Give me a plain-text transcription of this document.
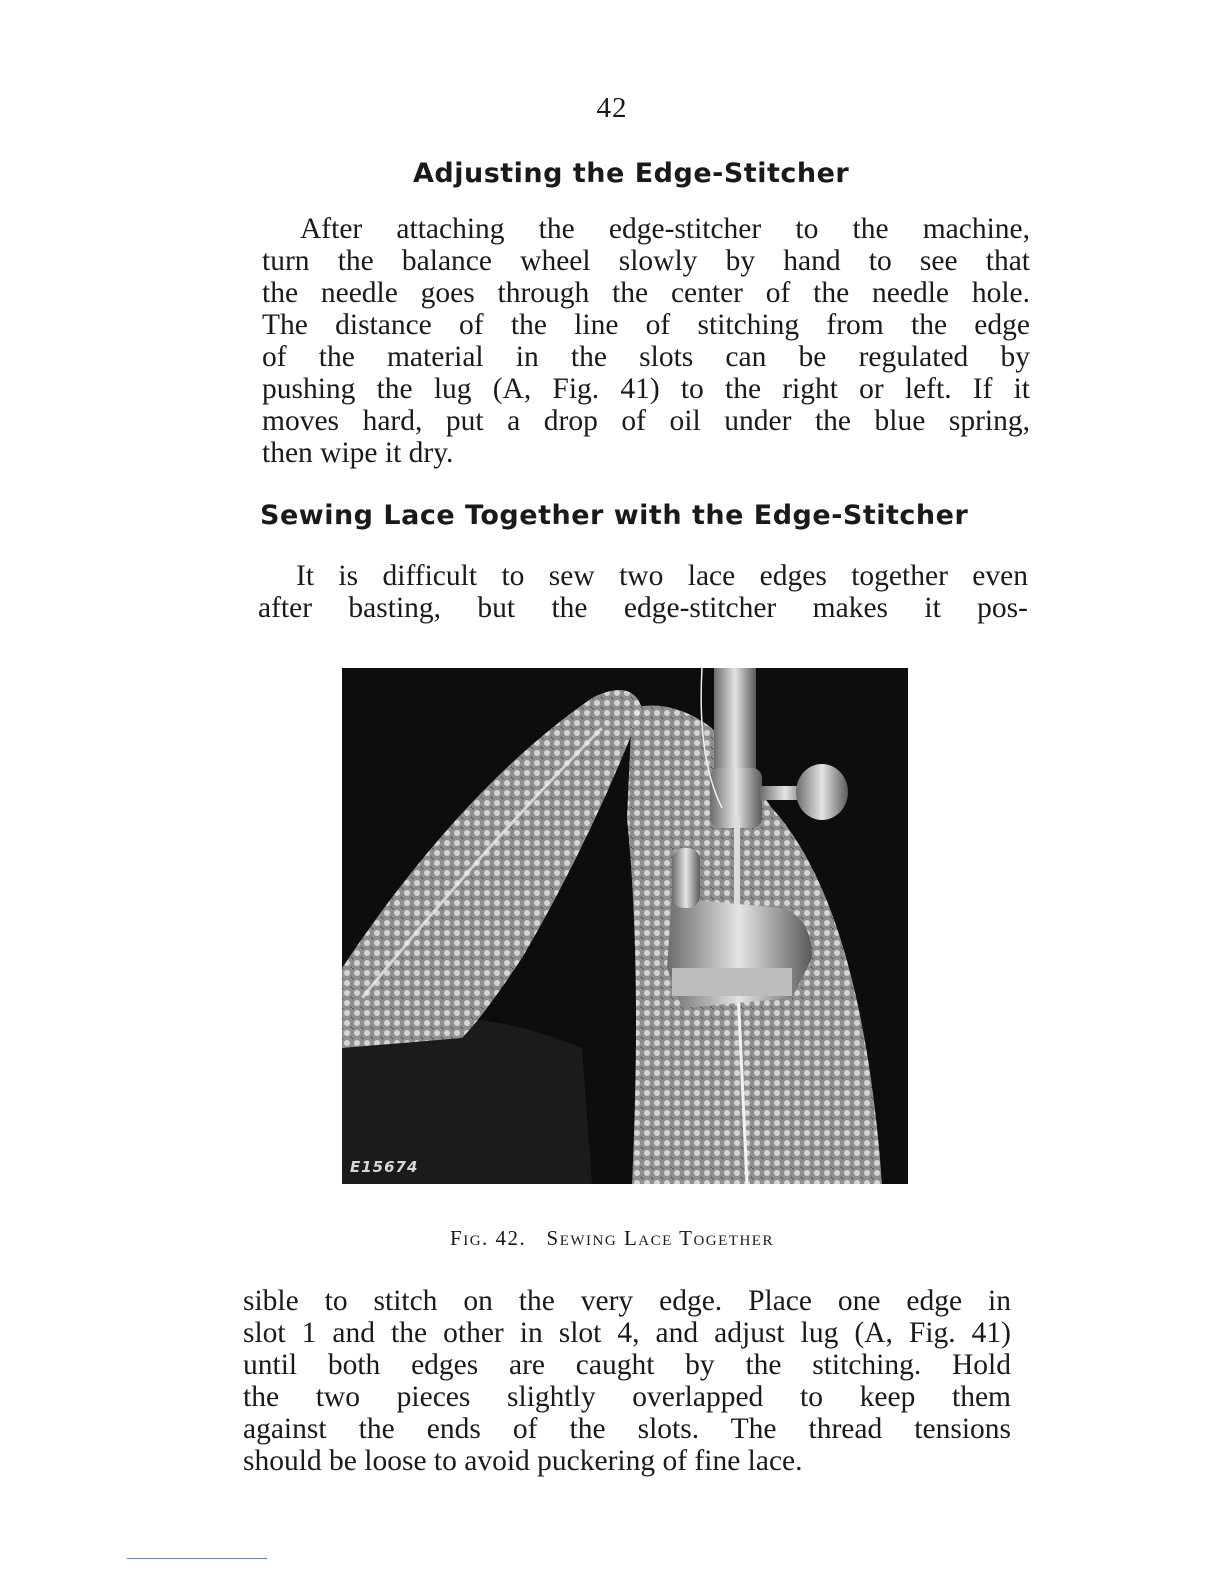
42
Adjusting the Edge-Stitcher

After attaching the edge-stitcher to the machine,
turn the balance wheel slowly by hand to see that
the needle goes through the center of the needle hole.
The distance of the line of stitching from the edge
of the material in the slots can be regulated by
pushing the lug (A, Fig. 41) to the right or left. If it
moves hard, put a drop of oil under the blue spring,
then wipe it dry.

Sewing Lace Together with the Edge-Stitcher

It is difficult to sew two lace edges together even
after basting, but the edge-stitcher makes it pos-

E15674
Fig. 42. Sewing Lace Together

sible to stitch on the very edge. Place one edge in
slot 1 and the other in slot 4, and adjust lug (A, Fig. 41)
until both edges are caught by the stitching. Hold
the two pieces slightly overlapped to keep them
against the ends of the slots. The thread tensions
should be loose to avoid puckering of fine lace.
